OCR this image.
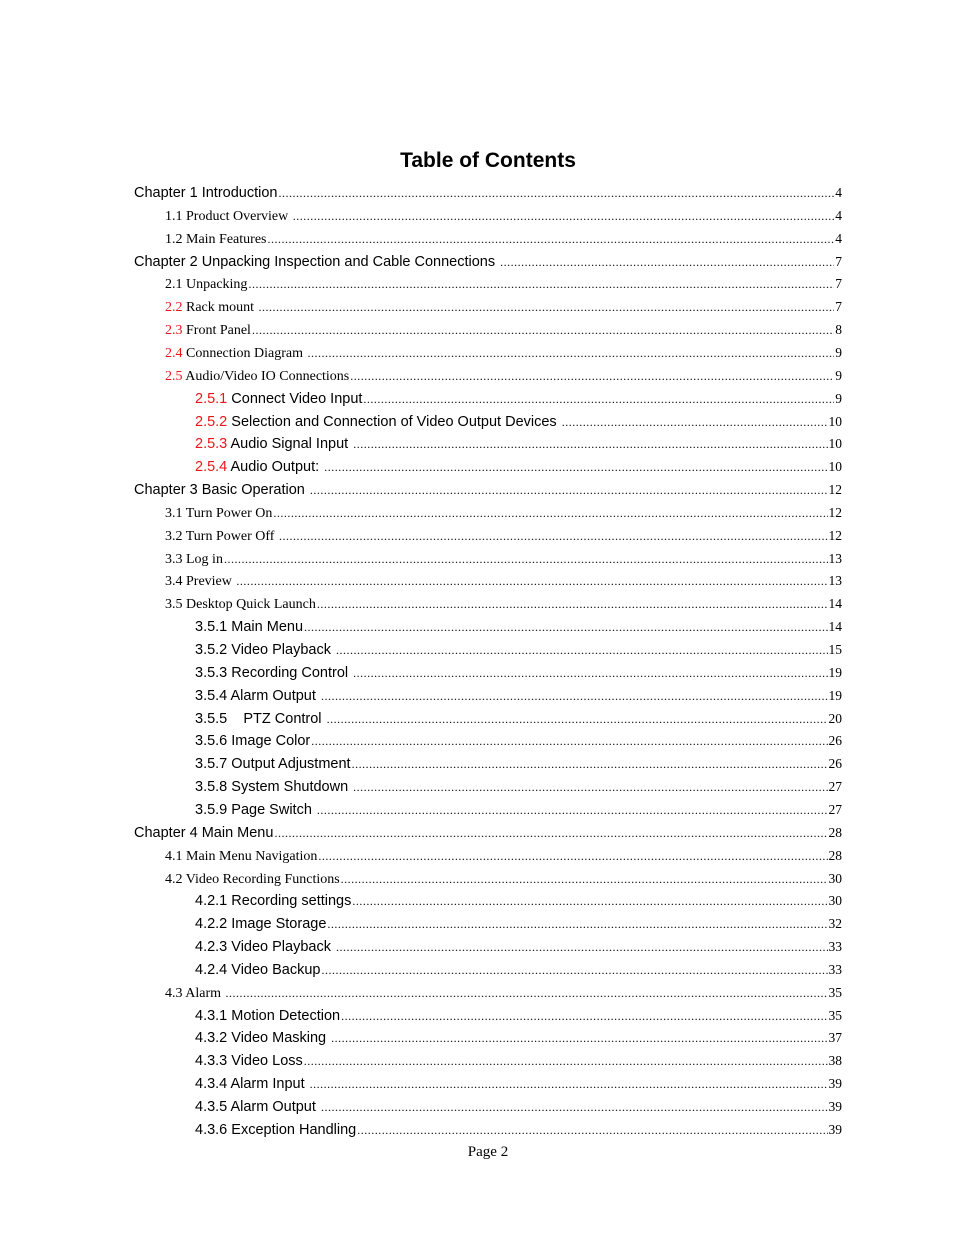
Table of Contents
Chapter 1 Introduction .....	4
1.1 Product Overview .....	4
1.2 Main Features .....	4
Chapter 2 Unpacking Inspection and Cable Connections .....	7
2.1 Unpacking .....	7
2.2 Rack mount .....	7
2.3 Front Panel .....	8
2.4 Connection Diagram .....	9
2.5 Audio/Video IO Connections .....	9
2.5.1 Connect Video Input .....	9
2.5.2 Selection and Connection of Video Output Devices .....	10
2.5.3 Audio Signal Input .....	10
2.5.4 Audio Output: .....	10
Chapter 3 Basic Operation .....	12
3.1 Turn Power On .....	12
3.2 Turn Power Off .....	12
3.3 Log in .....	13
3.4 Preview .....	13
3.5 Desktop Quick Launch .....	14
3.5.1 Main Menu .....	14
3.5.2 Video Playback .....	15
3.5.3 Recording Control .....	19
3.5.4 Alarm Output .....	19
3.5.5 PTZ Control .....	20
3.5.6 Image Color .....	26
3.5.7 Output Adjustment .....	26
3.5.8 System Shutdown .....	27
3.5.9 Page Switch .....	27
Chapter 4 Main Menu .....	28
4.1 Main Menu Navigation .....	28
4.2 Video Recording Functions .....	30
4.2.1 Recording settings .....	30
4.2.2 Image Storage .....	32
4.2.3 Video Playback .....	33
4.2.4 Video Backup .....	33
4.3 Alarm .....	35
4.3.1 Motion Detection .....	35
4.3.2 Video Masking .....	37
4.3.3 Video Loss .....	38
4.3.4 Alarm Input .....	39
4.3.5 Alarm Output .....	39
4.3.6 Exception Handling .....	39
Page 2
